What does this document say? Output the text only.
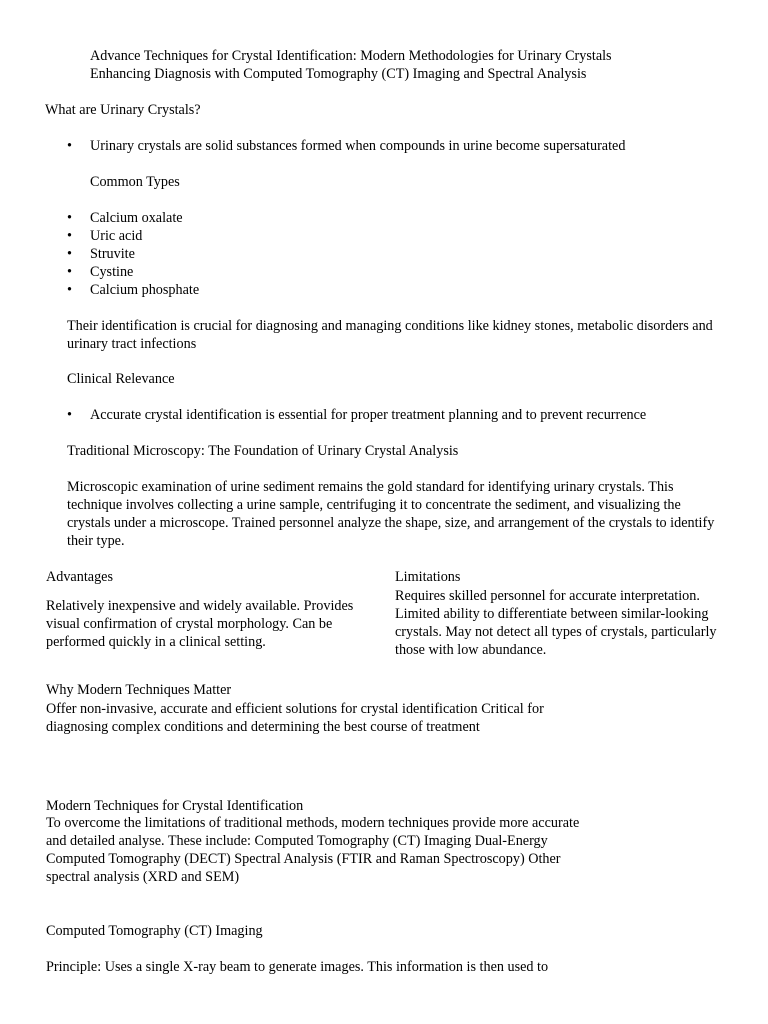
Advance Techniques for Crystal Identification: Modern Methodologies for Urinary Crystals
Enhancing Diagnosis with Computed Tomography (CT) Imaging and Spectral Analysis
What are Urinary Crystals?
• Urinary crystals are solid substances formed when compounds in urine become supersaturated
Common Types
• Calcium oxalate
• Uric acid
• Struvite
• Cystine
• Calcium phosphate
Their identification is crucial for diagnosing and managing conditions like kidney stones, metabolic disorders and urinary tract infections
Clinical Relevance
• Accurate crystal identification is essential for proper treatment planning and to prevent recurrence
Traditional Microscopy: The Foundation of Urinary Crystal Analysis
Microscopic examination of urine sediment remains the gold standard for identifying urinary crystals. This technique involves collecting a urine sample, centrifuging it to concentrate the sediment, and visualizing the crystals under a microscope. Trained personnel analyze the shape, size, and arrangement of the crystals to identify their type.
Advantages
Relatively inexpensive and widely available. Provides visual confirmation of crystal morphology. Can be performed quickly in a clinical setting.
Limitations
Requires skilled personnel for accurate interpretation. Limited ability to differentiate between similar-looking crystals. May not detect all types of crystals, particularly those with low abundance.
Why Modern Techniques Matter
Offer non-invasive, accurate and efficient solutions for crystal identification Critical for diagnosing complex conditions and determining the best course of treatment
Modern Techniques for Crystal Identification
To overcome the limitations of traditional methods, modern techniques provide more accurate and detailed analyse. These include: Computed Tomography (CT) Imaging Dual-Energy Computed Tomography (DECT) Spectral Analysis (FTIR and Raman Spectroscopy) Other spectral analysis (XRD and SEM)
Computed Tomography (CT) Imaging
Principle: Uses a single X-ray beam to generate images. This information is then used to
